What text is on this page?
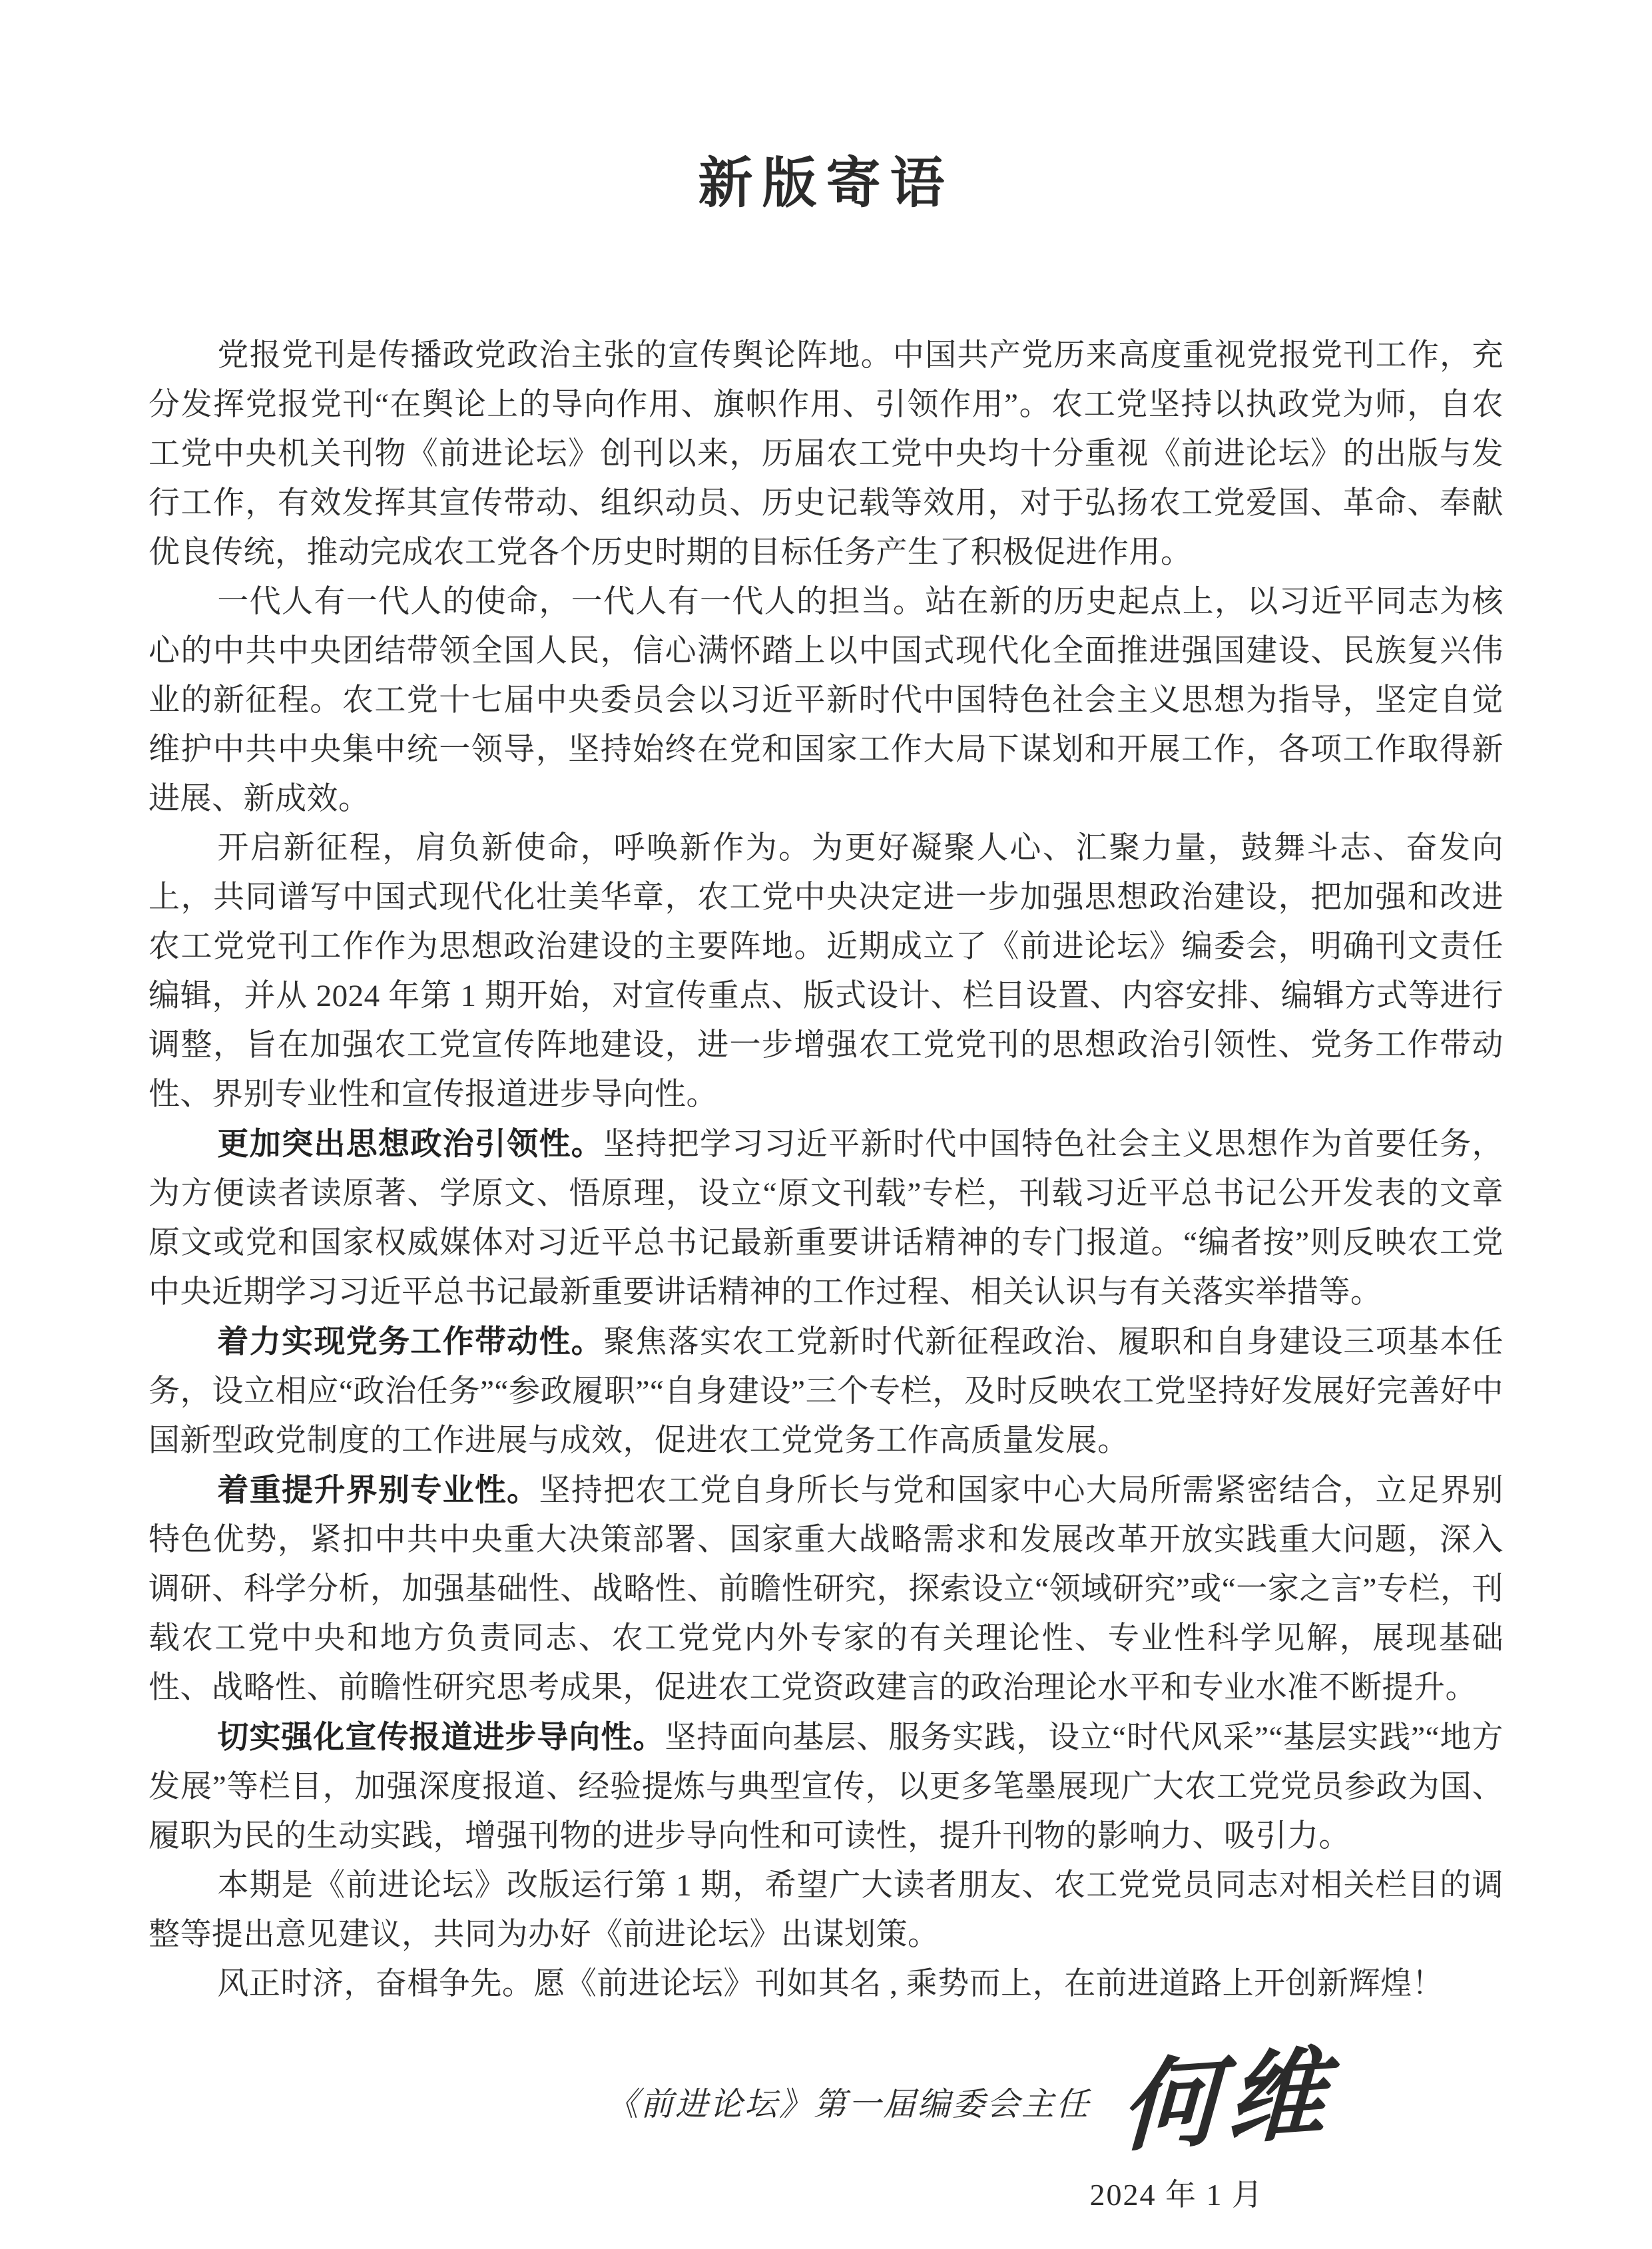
新版寄语

党报党刊是传播政党政治主张的宣传舆论阵地。中国共产党历来高度重视党报党刊工作，充分发挥党报党刊“在舆论上的导向作用、旗帜作用、引领作用”。农工党坚持以执政党为师，自农工党中央机关刊物《前进论坛》创刊以来，历届农工党中央均十分重视《前进论坛》的出版与发行工作，有效发挥其宣传带动、组织动员、历史记载等效用，对于弘扬农工党爱国、革命、奉献优良传统，推动完成农工党各个历史时期的目标任务产生了积极促进作用。

一代人有一代人的使命，一代人有一代人的担当。站在新的历史起点上，以习近平同志为核心的中共中央团结带领全国人民，信心满怀踏上以中国式现代化全面推进强国建设、民族复兴伟业的新征程。农工党十七届中央委员会以习近平新时代中国特色社会主义思想为指导，坚定自觉维护中共中央集中统一领导，坚持始终在党和国家工作大局下谋划和开展工作，各项工作取得新进展、新成效。

开启新征程，肩负新使命，呼唤新作为。为更好凝聚人心、汇聚力量，鼓舞斗志、奋发向上，共同谱写中国式现代化壮美华章，农工党中央决定进一步加强思想政治建设，把加强和改进农工党党刊工作作为思想政治建设的主要阵地。近期成立了《前进论坛》编委会，明确刊文责任编辑，并从 2024 年第 1 期开始，对宣传重点、版式设计、栏目设置、内容安排、编辑方式等进行调整，旨在加强农工党宣传阵地建设，进一步增强农工党党刊的思想政治引领性、党务工作带动性、界别专业性和宣传报道进步导向性。

更加突出思想政治引领性。坚持把学习习近平新时代中国特色社会主义思想作为首要任务，为方便读者读原著、学原文、悟原理，设立“原文刊载”专栏，刊载习近平总书记公开发表的文章原文或党和国家权威媒体对习近平总书记最新重要讲话精神的专门报道。“编者按”则反映农工党中央近期学习习近平总书记最新重要讲话精神的工作过程、相关认识与有关落实举措等。

着力实现党务工作带动性。聚焦落实农工党新时代新征程政治、履职和自身建设三项基本任务，设立相应“政治任务”“参政履职”“自身建设”三个专栏，及时反映农工党坚持好发展好完善好中国新型政党制度的工作进展与成效，促进农工党党务工作高质量发展。

着重提升界别专业性。坚持把农工党自身所长与党和国家中心大局所需紧密结合，立足界别特色优势，紧扣中共中央重大决策部署、国家重大战略需求和发展改革开放实践重大问题，深入调研、科学分析，加强基础性、战略性、前瞻性研究，探索设立“领域研究”或“一家之言”专栏，刊载农工党中央和地方负责同志、农工党党内外专家的有关理论性、专业性科学见解，展现基础性、战略性、前瞻性研究思考成果，促进农工党资政建言的政治理论水平和专业水准不断提升。

切实强化宣传报道进步导向性。坚持面向基层、服务实践，设立“时代风采”“基层实践”“地方发展”等栏目，加强深度报道、经验提炼与典型宣传，以更多笔墨展现广大农工党党员参政为国、履职为民的生动实践，增强刊物的进步导向性和可读性，提升刊物的影响力、吸引力。

本期是《前进论坛》改版运行第 1 期，希望广大读者朋友、农工党党员同志对相关栏目的调整等提出意见建议，共同为办好《前进论坛》出谋划策。

风正时济，奋楫争先。愿《前进论坛》刊如其名 , 乘势而上，在前进道路上开创新辉煌！

《前进论坛》第一届编委会主任 何维
2024 年 1 月
